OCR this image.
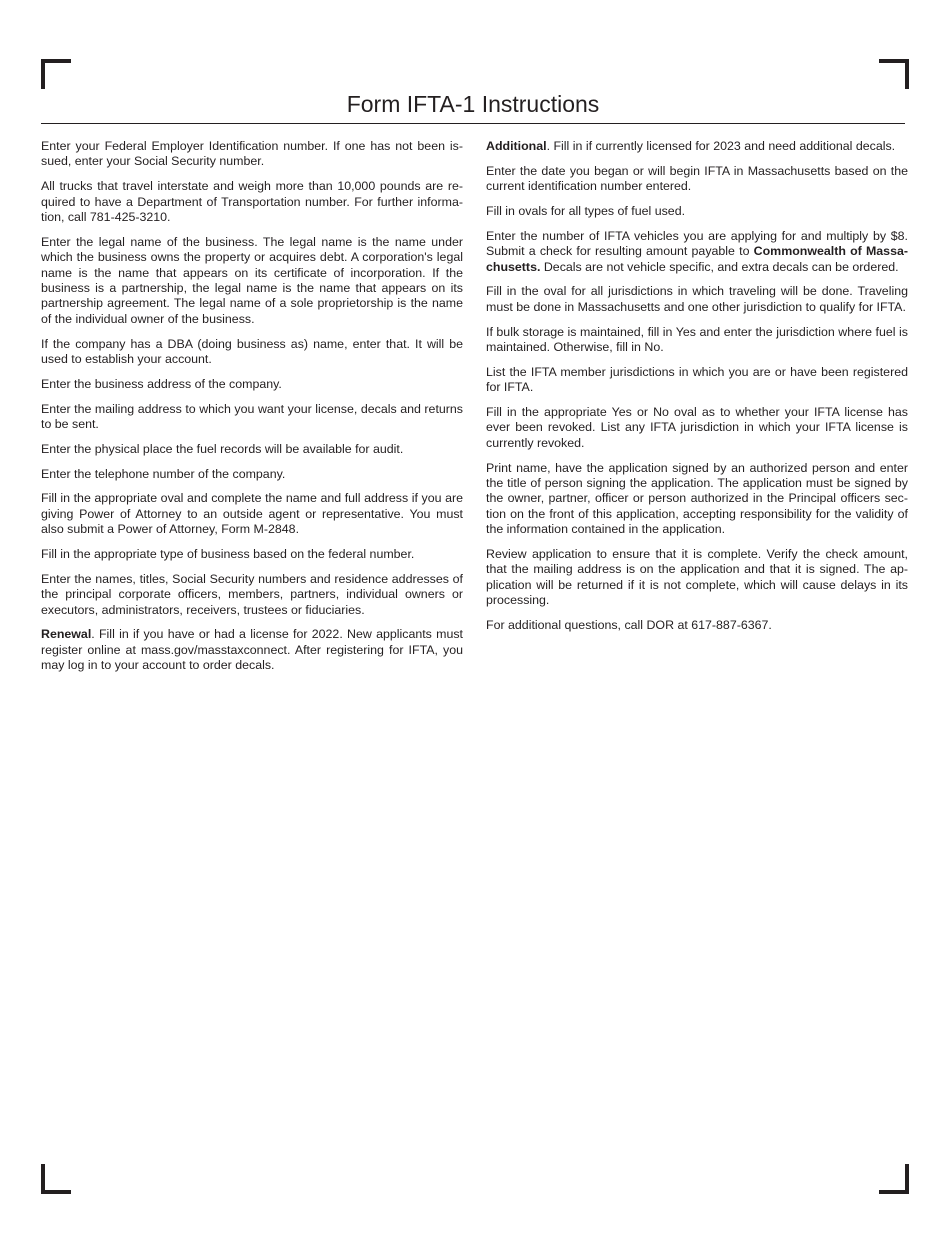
Form IFTA-1 Instructions

Enter your Federal Employer Identification number. If one has not been issued, enter your Social Security number.

All trucks that travel interstate and weigh more than 10,000 pounds are required to have a Department of Transportation number. For further information, call 781-425-3210.

Enter the legal name of the business. The legal name is the name under which the business owns the property or acquires debt. A corporation's legal name is the name that appears on its certificate of incorporation. If the business is a partnership, the legal name is the name that appears on its partnership agreement. The legal name of a sole proprietorship is the name of the individual owner of the business.

If the company has a DBA (doing business as) name, enter that. It will be used to establish your account.

Enter the business address of the company.

Enter the mailing address to which you want your license, decals and returns to be sent.

Enter the physical place the fuel records will be available for audit.

Enter the telephone number of the company.

Fill in the appropriate oval and complete the name and full address if you are giving Power of Attorney to an outside agent or representative. You must also submit a Power of Attorney, Form M-2848.

Fill in the appropriate type of business based on the federal number.

Enter the names, titles, Social Security numbers and residence addresses of the principal corporate officers, members, partners, individual owners or executors, administrators, receivers, trustees or fiduciaries.

Renewal. Fill in if you have or had a license for 2022. New applicants must register online at mass.gov/masstaxconnect. After registering for IFTA, you may log in to your account to order decals.

Additional. Fill in if currently licensed for 2023 and need additional decals.

Enter the date you began or will begin IFTA in Massachusetts based on the current identification number entered.

Fill in ovals for all types of fuel used.

Enter the number of IFTA vehicles you are applying for and multiply by $8. Submit a check for resulting amount payable to Commonwealth of Massachusetts. Decals are not vehicle specific, and extra decals can be ordered.

Fill in the oval for all jurisdictions in which traveling will be done. Traveling must be done in Massachusetts and one other jurisdiction to qualify for IFTA.

If bulk storage is maintained, fill in Yes and enter the jurisdiction where fuel is maintained. Otherwise, fill in No.

List the IFTA member jurisdictions in which you are or have been registered for IFTA.

Fill in the appropriate Yes or No oval as to whether your IFTA license has ever been revoked. List any IFTA jurisdiction in which your IFTA license is currently revoked.

Print name, have the application signed by an authorized person and enter the title of person signing the application. The application must be signed by the owner, partner, officer or person authorized in the Principal officers section on the front of this application, accepting responsibility for the validity of the information contained in the application.

Review application to ensure that it is complete. Verify the check amount, that the mailing address is on the application and that it is signed. The application will be returned if it is not complete, which will cause delays in its processing.

For additional questions, call DOR at 617-887-6367.
